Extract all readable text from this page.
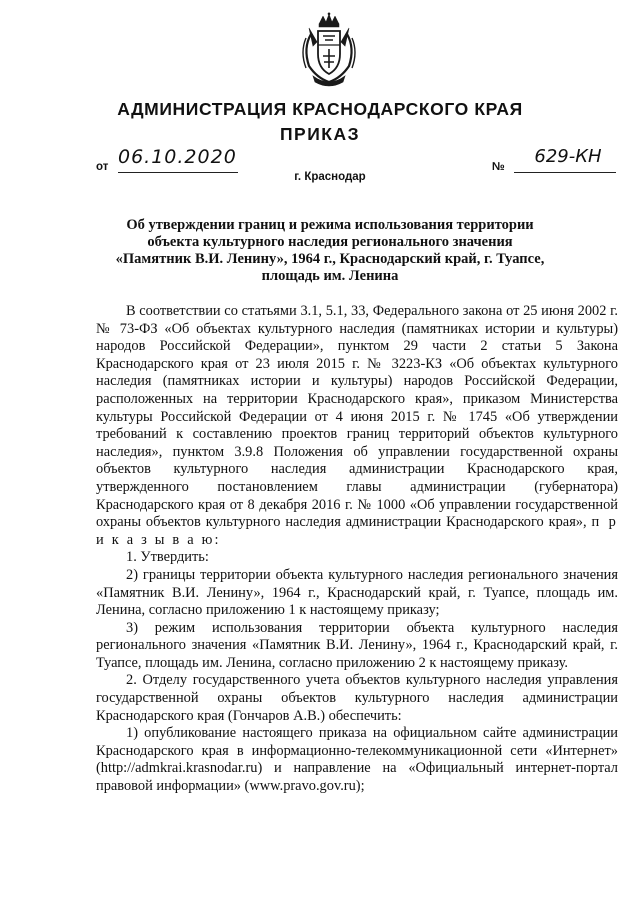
АДМИНИСТРАЦИЯ КРАСНОДАРСКОГО КРАЯ
ПРИКАЗ
от 06.10.2020	№	629-КН
г. Краснодар
Об утверждении границ и режима использования территории
объекта культурного наследия регионального значения
«Памятник В.И. Ленину», 1964 г., Краснодарский край, г. Туапсе,
площадь им. Ленина

В соответствии со статьями 3.1, 5.1, 33, Федерального закона от 25 июня 2002 г. № 73-ФЗ «Об объектах культурного наследия (памятниках истории и культуры) народов Российской Федерации», пунктом 29 части 2 статьи 5 Закона Краснодарского края от 23 июля 2015 г. № 3223-КЗ «Об объектах культурного наследия (памятниках истории и культуры) народов Российской Федерации, расположенных на территории Краснодарского края», приказом Министерства культуры Российской Федерации от 4 июня 2015 г. № 1745 «Об утверждении требований к составлению проектов границ территорий объектов культурного наследия», пунктом 3.9.8 Положения об управлении государственной охраны объектов культурного наследия администрации Краснодарского края, утвержденного постановлением главы администрации (губернатора) Краснодарского края от 8 декабря 2016 г. № 1000 «Об управлении государственной охраны объектов культурного наследия администрации Краснодарского края», п р и к а з ы в а ю:

1. Утвердить:

2) границы территории объекта культурного наследия регионального значения «Памятник В.И. Ленину», 1964 г., Краснодарский край, г. Туапсе, площадь им. Ленина, согласно приложению 1 к настоящему приказу;

3) режим использования территории объекта культурного наследия регионального значения «Памятник В.И. Ленину», 1964 г., Краснодарский край, г. Туапсе, площадь им. Ленина, согласно приложению 2 к настоящему приказу.

2. Отделу государственного учета объектов культурного наследия управления государственной охраны объектов культурного наследия администрации Краснодарского края (Гончаров А.В.) обеспечить:

1) опубликование настоящего приказа на официальном сайте администрации Краснодарского края в информационно-телекоммуникационной сети «Интернет» (http://admkrai.krasnodar.ru) и направление на «Официальный интернет-портал правовой информации» (www.pravo.gov.ru);
